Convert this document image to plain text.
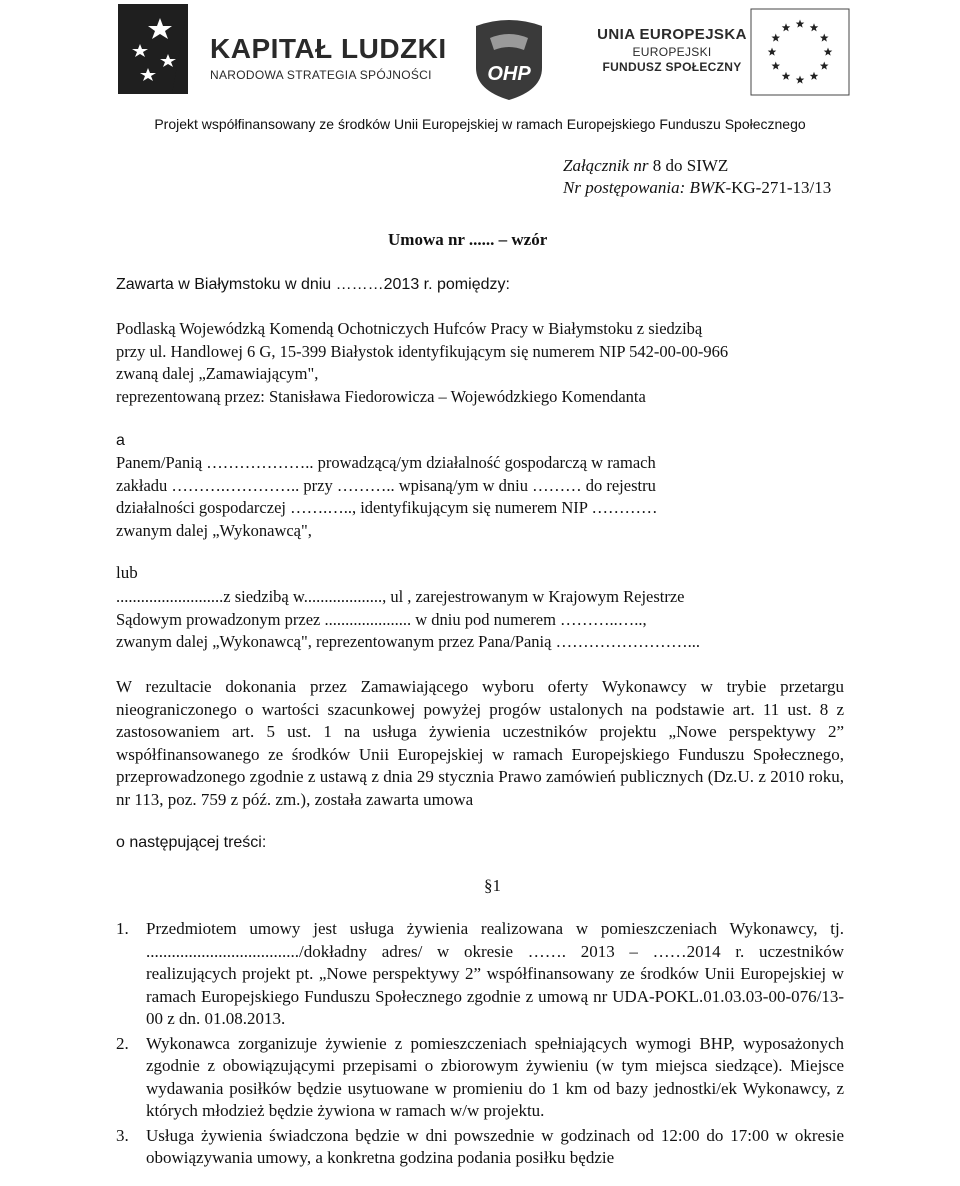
KAPITAŁ LUDZKI
NARODOWA STRATEGIA SPÓJNOŚCI	OHP
UNIA EUROPEJSKA
EUROPEJSKI
FUNDUSZ SPOŁECZNY
Projekt współfinansowany ze środków Unii Europejskiej w ramach Europejskiego Funduszu Społecznego
Załącznik nr 8 do SIWZ
Nr postępowania: BWK-KG-271-13/13
Umowa nr ...... – wzór
Zawarta w Białymstoku w dniu ………2013 r. pomiędzy:
Podlaską Wojewódzką Komendą Ochotniczych Hufców Pracy w Białymstoku z siedzibą
przy ul. Handlowej 6 G, 15-399 Białystok identyfikującym się numerem NIP 542-00-00-966
zwaną dalej „Zamawiającym",
reprezentowaną przez: Stanisława Fiedorowicza – Wojewódzkiego Komendanta
a
Panem/Panią ……………….. prowadzącą/ym działalność gospodarczą w ramach
zakładu ……….………….. przy ……….. wpisaną/ym w dniu ……… do rejestru
działalności gospodarczej …….….., identyfikującym się numerem NIP …………
zwanym dalej „Wykonawcą",
lub
..........................z siedzibą w..................., ul , zarejestrowanym w Krajowym Rejestrze
Sądowym prowadzonym przez ..................... w dniu pod numerem ………..…..,
zwanym dalej „Wykonawcą", reprezentowanym przez Pana/Panią ……………………...
W rezultacie dokonania przez Zamawiającego wyboru oferty Wykonawcy w trybie przetargu nieograniczonego o wartości szacunkowej powyżej progów ustalonych na podstawie art. 11 ust. 8 z zastosowaniem art. 5 ust. 1 na usługa żywienia uczestników projektu „Nowe perspektywy 2” współfinansowanego ze środków Unii Europejskiej w ramach Europejskiego Funduszu Społecznego, przeprowadzonego zgodnie z ustawą z dnia 29 stycznia Prawo zamówień publicznych (Dz.U. z 2010 roku, nr 113, poz. 759 z póź. zm.), została zawarta umowa
o następującej treści:
§1
1. Przedmiotem umowy jest usługa żywienia realizowana w pomieszczeniach Wykonawcy, tj. ..................................../dokładny adres/ w okresie ……. 2013 – ……2014 r. uczestników realizujących projekt pt. „Nowe perspektywy 2” współfinansowany ze środków Unii Europejskiej w ramach Europejskiego Funduszu Społecznego zgodnie z umową nr UDA-POKL.01.03.03-00-076/13-00 z dn. 01.08.2013.
2. Wykonawca zorganizuje żywienie z pomieszczeniach spełniających wymogi BHP, wyposażonych zgodnie z obowiązującymi przepisami o zbiorowym żywieniu (w tym miejsca siedzące). Miejsce wydawania posiłków będzie usytuowane w promieniu do 1 km od bazy jednostki/ek Wykonawcy, z których młodzież będzie żywiona w ramach w/w projektu.
3. Usługa żywienia świadczona będzie w dni powszednie w godzinach od 12:00 do 17:00 w okresie obowiązywania umowy, a konkretna godzina podania posiłku będzie
